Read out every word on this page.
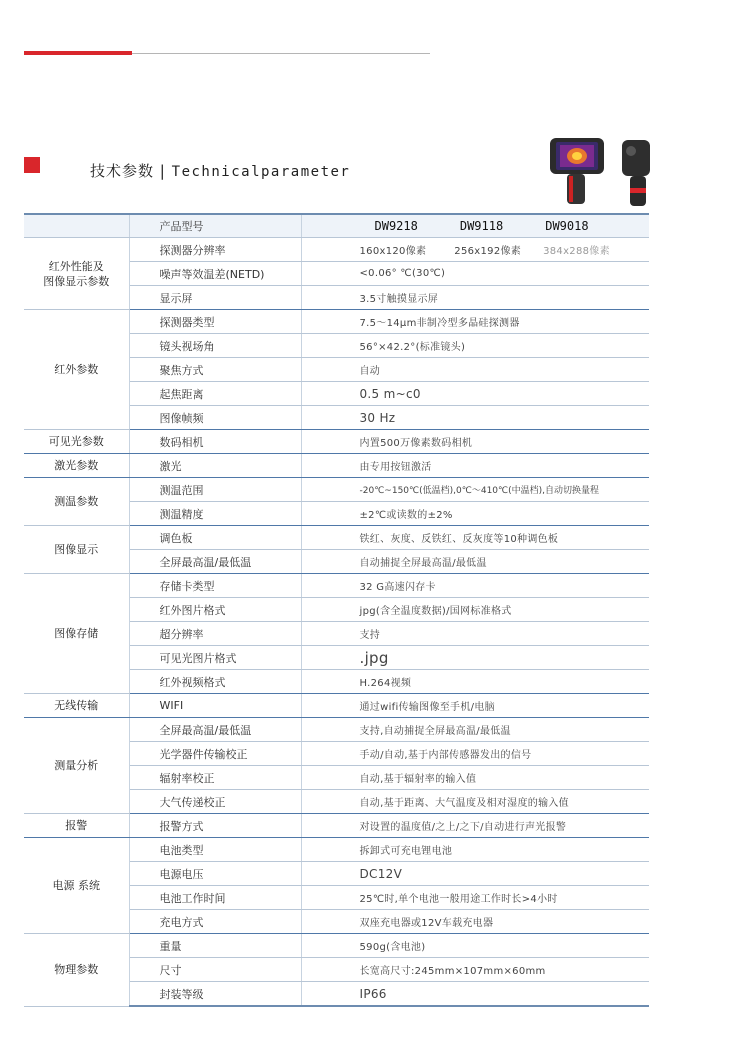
技术参数 | Technicalparameter
	产品型号	DW9218 DW9118 DW9018

红外性能及
图像显示参数	探测器分辨率	160x120像素 256x192像素 384x288像素

	噪声等效温差(NETD)	<0.06° ℃(30℃)
	显示屏	3.5寸触摸显示屏
红外参数	探测器类型	7.5～14μm非制冷型多晶硅探测器
	镜头视场角	56°×42.2°(标准镜头)
	聚焦方式	自动
	起焦距离	0.5 m~c0
	图像帧频	30 Hz
可见光参数	数码相机	内置500万像素数码相机
激光参数	激光	由专用按钮激活
测温参数	测温范围	-20℃~150℃(低温档),0℃～410℃(中温档),自动切换量程
	测温精度	±2℃或读数的±2%
图像显示	调色板	铁红、灰度、反铁红、反灰度等10种调色板
	全屏最高温/最低温	自动捕捉全屏最高温/最低温
图像存储	存储卡类型	32 G高速闪存卡
	红外图片格式	jpg(含全温度数据)/国网标准格式
	超分辨率	支持
	可见光图片格式	.jpg
	红外视频格式	H.264视频
无线传输	WIFI	通过wifi传输图像至手机/电脑
测量分析	全屏最高温/最低温	支持,自动捕捉全屏最高温/最低温
	光学器件传输校正	手动/自动,基于内部传感器发出的信号
	辐射率校正	自动,基于辐射率的输入值
	大气传递校正	自动,基于距离、大气温度及相对湿度的输入值
报警	报警方式	对设置的温度值/之上/之下/自动进行声光报警
电源 系统	电池类型	拆卸式可充电锂电池
	电源电压	DC12V
	电池工作时间	25℃时,单个电池一般用途工作时长>4小时
	充电方式	双座充电器或12V车载充电器
物理参数	重量	590g(含电池)
	尺寸	长宽高尺寸:245mm×107mm×60mm
	封装等级	IP66
